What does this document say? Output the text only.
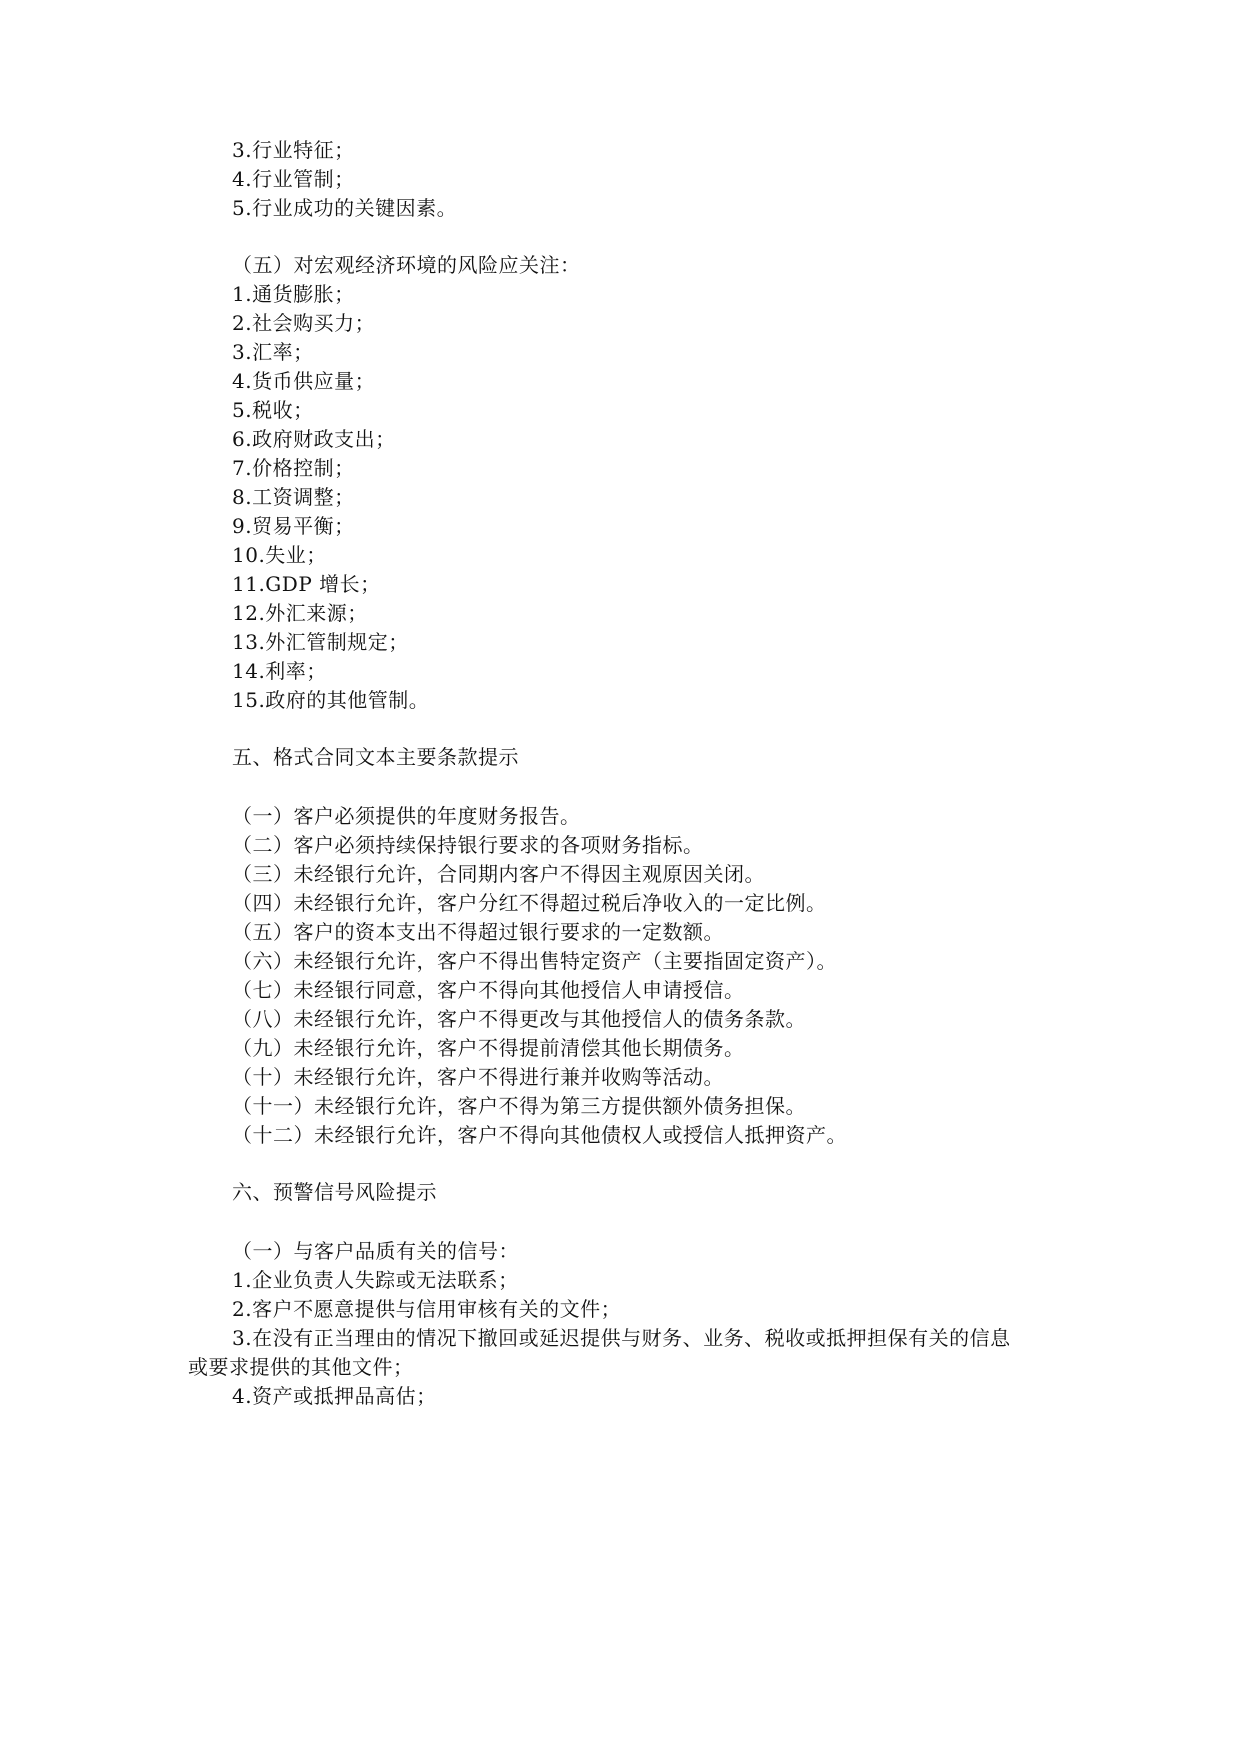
3.行业特征；
4.行业管制；
5.行业成功的关键因素。
（五）对宏观经济环境的风险应关注：
1.通货膨胀；
2.社会购买力；
3.汇率；
4.货币供应量；
5.税收；
6.政府财政支出；
7.价格控制；
8.工资调整；
9.贸易平衡；
10.失业；
11.GDP 增长；
12.外汇来源；
13.外汇管制规定；
14.利率；
15.政府的其他管制。
五、格式合同文本主要条款提示
（一）客户必须提供的年度财务报告。
（二）客户必须持续保持银行要求的各项财务指标。
（三）未经银行允许，合同期内客户不得因主观原因关闭。
（四）未经银行允许，客户分红不得超过税后净收入的一定比例。
（五）客户的资本支出不得超过银行要求的一定数额。
（六）未经银行允许，客户不得出售特定资产（主要指固定资产）。
（七）未经银行同意，客户不得向其他授信人申请授信。
（八）未经银行允许，客户不得更改与其他授信人的债务条款。
（九）未经银行允许，客户不得提前清偿其他长期债务。
（十）未经银行允许，客户不得进行兼并收购等活动。
（十一）未经银行允许，客户不得为第三方提供额外债务担保。
（十二）未经银行允许，客户不得向其他债权人或授信人抵押资产。
六、预警信号风险提示
（一）与客户品质有关的信号：
1.企业负责人失踪或无法联系；
2.客户不愿意提供与信用审核有关的文件；
3.在没有正当理由的情况下撤回或延迟提供与财务、业务、税收或抵押担保有关的信息
或要求提供的其他文件；
4.资产或抵押品高估；
